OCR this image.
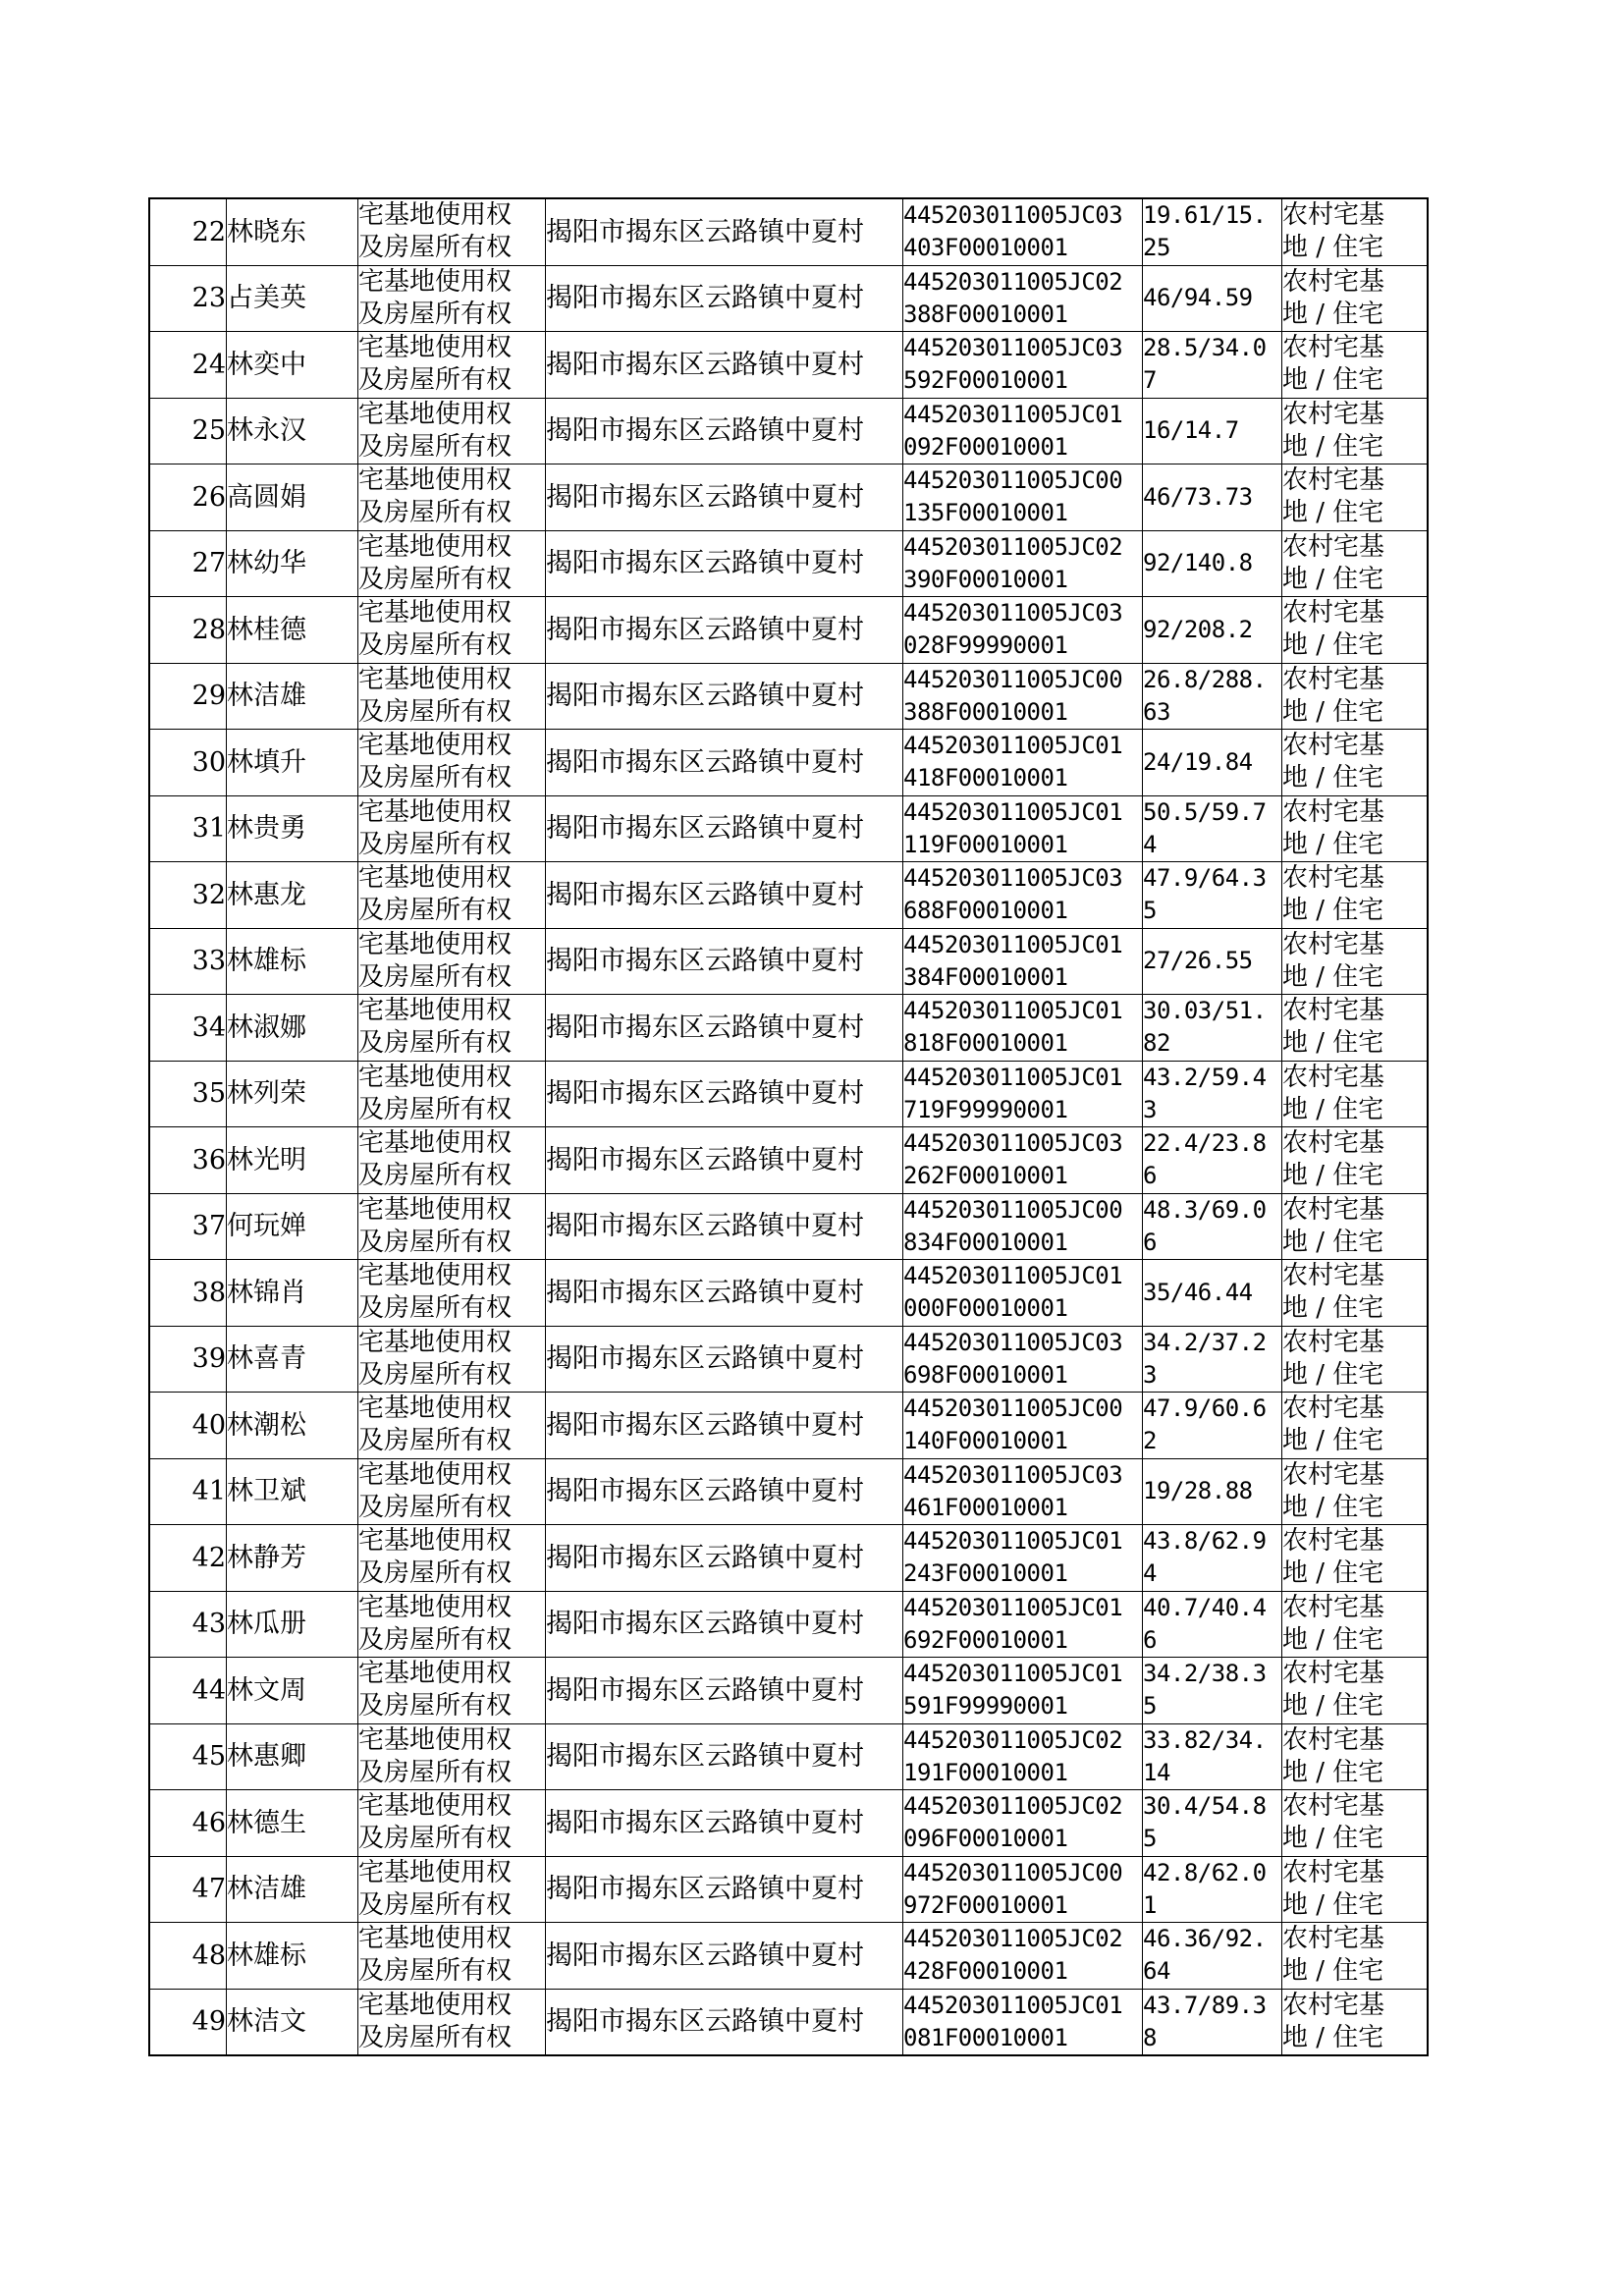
22	林晓东	宅基地使用权
及房屋所有权	揭阳市揭东区云路镇中夏村	445203011005JC03
403F00010001	19.61/15.
25	农村宅基
地 / 住宅

23	占美英	宅基地使用权
及房屋所有权	揭阳市揭东区云路镇中夏村	445203011005JC02
388F00010001	46/94.59	农村宅基
地 / 住宅

24	林奕中	宅基地使用权
及房屋所有权	揭阳市揭东区云路镇中夏村	445203011005JC03
592F00010001	28.5/34.0
7	农村宅基
地 / 住宅

25	林永汉	宅基地使用权
及房屋所有权	揭阳市揭东区云路镇中夏村	445203011005JC01
092F00010001	16/14.7	农村宅基
地 / 住宅

26	高圆娟	宅基地使用权
及房屋所有权	揭阳市揭东区云路镇中夏村	445203011005JC00
135F00010001	46/73.73	农村宅基
地 / 住宅

27	林幼华	宅基地使用权
及房屋所有权	揭阳市揭东区云路镇中夏村	445203011005JC02
390F00010001	92/140.8	农村宅基
地 / 住宅

28	林桂德	宅基地使用权
及房屋所有权	揭阳市揭东区云路镇中夏村	445203011005JC03
028F99990001	92/208.2	农村宅基
地 / 住宅

29	林洁雄	宅基地使用权
及房屋所有权	揭阳市揭东区云路镇中夏村	445203011005JC00
388F00010001	26.8/288.
63	农村宅基
地 / 住宅

30	林填升	宅基地使用权
及房屋所有权	揭阳市揭东区云路镇中夏村	445203011005JC01
418F00010001	24/19.84	农村宅基
地 / 住宅

31	林贵勇	宅基地使用权
及房屋所有权	揭阳市揭东区云路镇中夏村	445203011005JC01
119F00010001	50.5/59.7
4	农村宅基
地 / 住宅

32	林惠龙	宅基地使用权
及房屋所有权	揭阳市揭东区云路镇中夏村	445203011005JC03
688F00010001	47.9/64.3
5	农村宅基
地 / 住宅

33	林雄标	宅基地使用权
及房屋所有权	揭阳市揭东区云路镇中夏村	445203011005JC01
384F00010001	27/26.55	农村宅基
地 / 住宅

34	林淑娜	宅基地使用权
及房屋所有权	揭阳市揭东区云路镇中夏村	445203011005JC01
818F00010001	30.03/51.
82	农村宅基
地 / 住宅

35	林列荣	宅基地使用权
及房屋所有权	揭阳市揭东区云路镇中夏村	445203011005JC01
719F99990001	43.2/59.4
3	农村宅基
地 / 住宅

36	林光明	宅基地使用权
及房屋所有权	揭阳市揭东区云路镇中夏村	445203011005JC03
262F00010001	22.4/23.8
6	农村宅基
地 / 住宅

37	何玩婵	宅基地使用权
及房屋所有权	揭阳市揭东区云路镇中夏村	445203011005JC00
834F00010001	48.3/69.0
6	农村宅基
地 / 住宅

38	林锦肖	宅基地使用权
及房屋所有权	揭阳市揭东区云路镇中夏村	445203011005JC01
000F00010001	35/46.44	农村宅基
地 / 住宅

39	林喜青	宅基地使用权
及房屋所有权	揭阳市揭东区云路镇中夏村	445203011005JC03
698F00010001	34.2/37.2
3	农村宅基
地 / 住宅

40	林潮松	宅基地使用权
及房屋所有权	揭阳市揭东区云路镇中夏村	445203011005JC00
140F00010001	47.9/60.6
2	农村宅基
地 / 住宅

41	林卫斌	宅基地使用权
及房屋所有权	揭阳市揭东区云路镇中夏村	445203011005JC03
461F00010001	19/28.88	农村宅基
地 / 住宅

42	林静芳	宅基地使用权
及房屋所有权	揭阳市揭东区云路镇中夏村	445203011005JC01
243F00010001	43.8/62.9
4	农村宅基
地 / 住宅

43	林瓜册	宅基地使用权
及房屋所有权	揭阳市揭东区云路镇中夏村	445203011005JC01
692F00010001	40.7/40.4
6	农村宅基
地 / 住宅

44	林文周	宅基地使用权
及房屋所有权	揭阳市揭东区云路镇中夏村	445203011005JC01
591F99990001	34.2/38.3
5	农村宅基
地 / 住宅

45	林惠卿	宅基地使用权
及房屋所有权	揭阳市揭东区云路镇中夏村	445203011005JC02
191F00010001	33.82/34.
14	农村宅基
地 / 住宅

46	林德生	宅基地使用权
及房屋所有权	揭阳市揭东区云路镇中夏村	445203011005JC02
096F00010001	30.4/54.8
5	农村宅基
地 / 住宅

47	林洁雄	宅基地使用权
及房屋所有权	揭阳市揭东区云路镇中夏村	445203011005JC00
972F00010001	42.8/62.0
1	农村宅基
地 / 住宅

48	林雄标	宅基地使用权
及房屋所有权	揭阳市揭东区云路镇中夏村	445203011005JC02
428F00010001	46.36/92.
64	农村宅基
地 / 住宅

49	林洁文	宅基地使用权
及房屋所有权	揭阳市揭东区云路镇中夏村	445203011005JC01
081F00010001	43.7/89.3
8	农村宅基
地 / 住宅
